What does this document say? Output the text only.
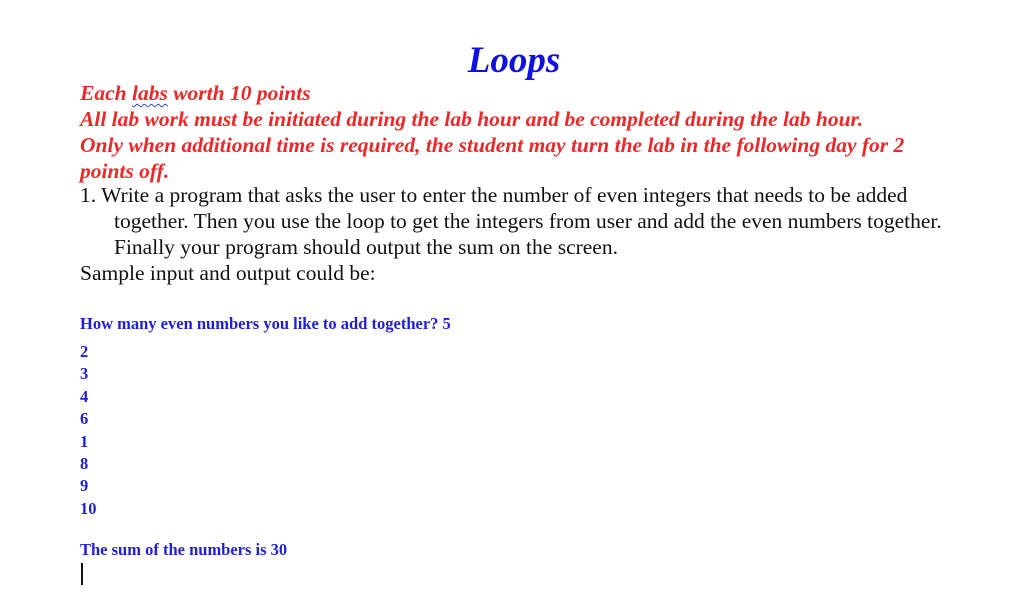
Loops
Each labs worth 10 points
All lab work must be initiated during the lab hour and be completed during the lab hour.
Only when additional time is required, the student may turn the lab in the following day for 2 points off.
1. Write a program that asks the user to enter the number of even integers that needs to be added together. Then you use the loop to get the integers from user and add the even numbers together. Finally your program should output the sum on the screen.
Sample input and output could be:
How many even numbers you like to add together? 5
2
3
4
6
1
8
9
10
The sum of the numbers is 30
